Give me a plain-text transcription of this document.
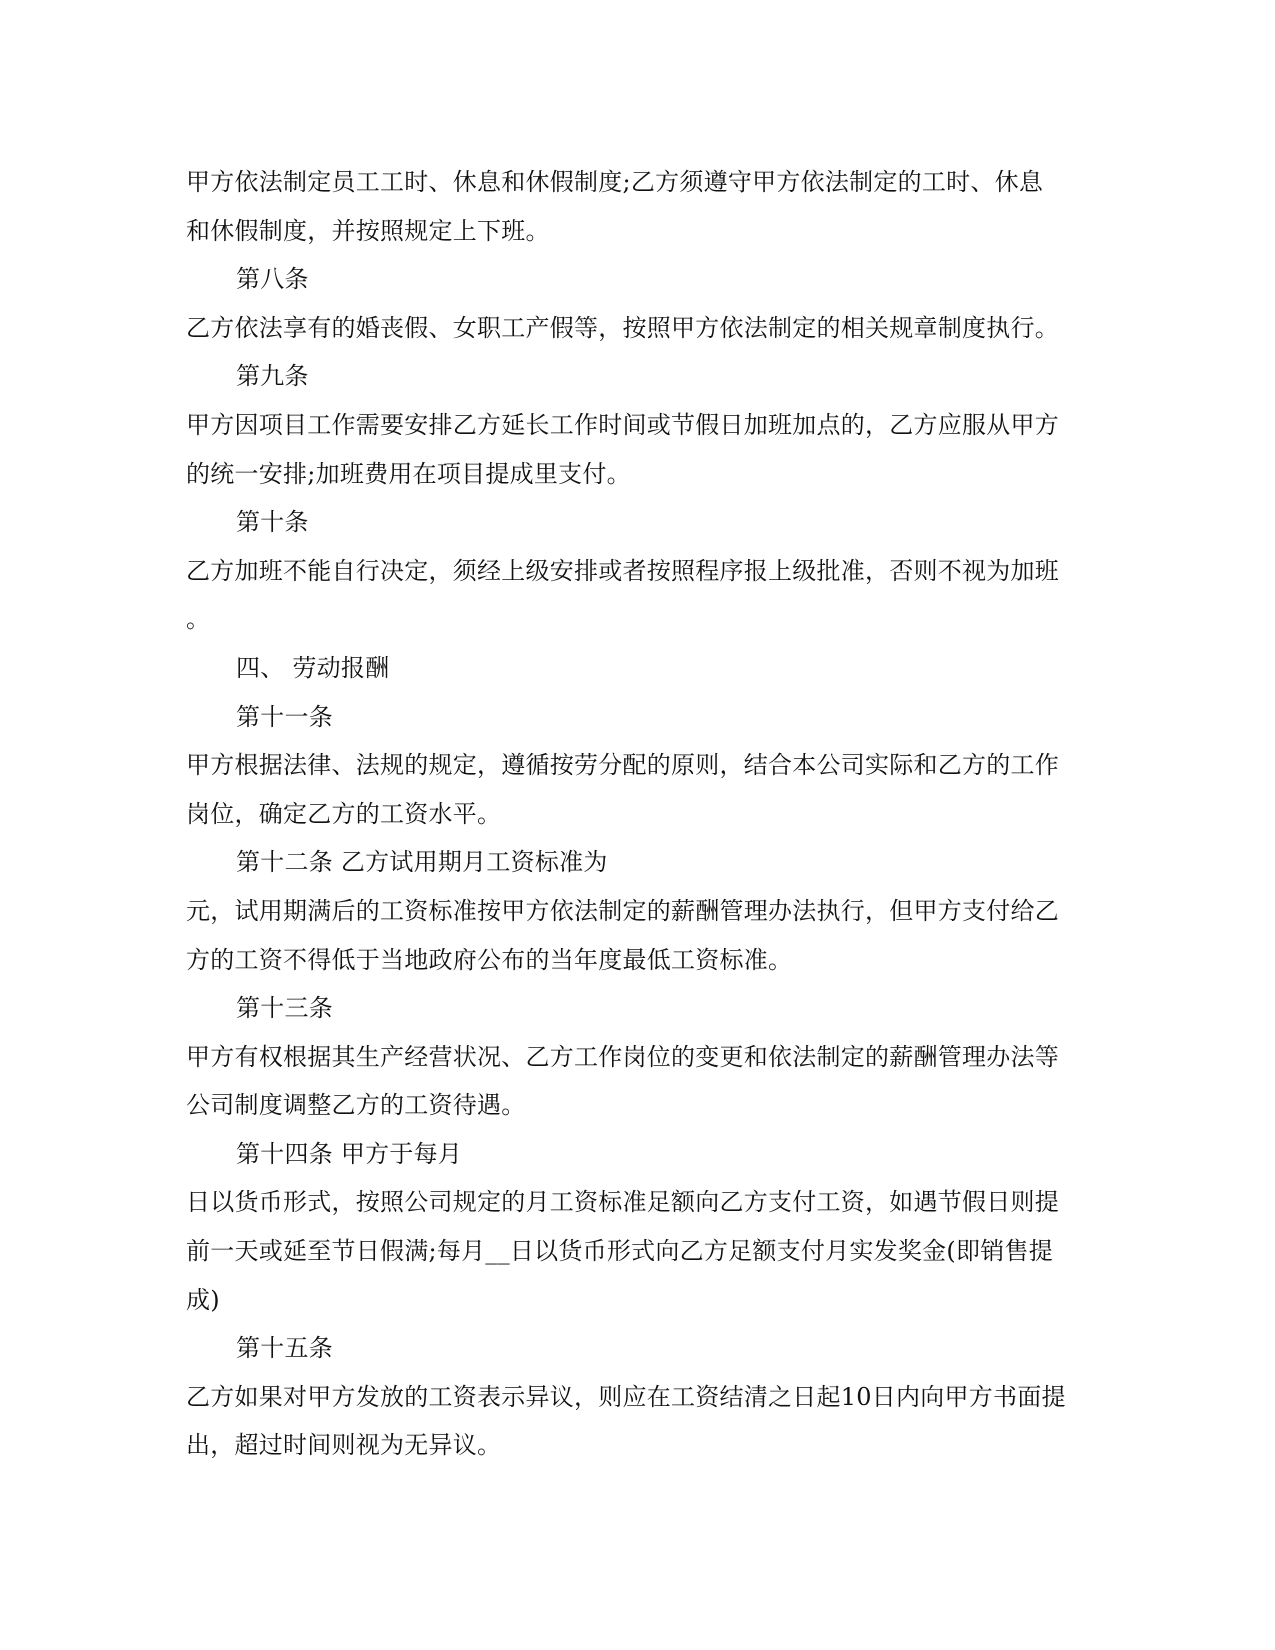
甲方依法制定员工工时、休息和休假制度;乙方须遵守甲方依法制定的工时、休息
和休假制度，并按照规定上下班。
第八条
乙方依法享有的婚丧假、女职工产假等，按照甲方依法制定的相关规章制度执行。
第九条
甲方因项目工作需要安排乙方延长工作时间或节假日加班加点的，乙方应服从甲方
的统一安排;加班费用在项目提成里支付。
第十条
乙方加班不能自行决定，须经上级安排或者按照程序报上级批准，否则不视为加班
。
四、 劳动报酬
第十一条
甲方根据法律、法规的规定，遵循按劳分配的原则，结合本公司实际和乙方的工作
岗位，确定乙方的工资水平。
第十二条 乙方试用期月工资标准为
元，试用期满后的工资标准按甲方依法制定的薪酬管理办法执行，但甲方支付给乙
方的工资不得低于当地政府公布的当年度最低工资标准。
第十三条
甲方有权根据其生产经营状况、乙方工作岗位的变更和依法制定的薪酬管理办法等
公司制度调整乙方的工资待遇。
第十四条 甲方于每月
日以货币形式，按照公司规定的月工资标准足额向乙方支付工资，如遇节假日则提
前一天或延至节日假满;每月__日以货币形式向乙方足额支付月实发奖金(即销售提
成)
第十五条
乙方如果对甲方发放的工资表示异议，则应在工资结清之日起10日内向甲方书面提
出，超过时间则视为无异议。
